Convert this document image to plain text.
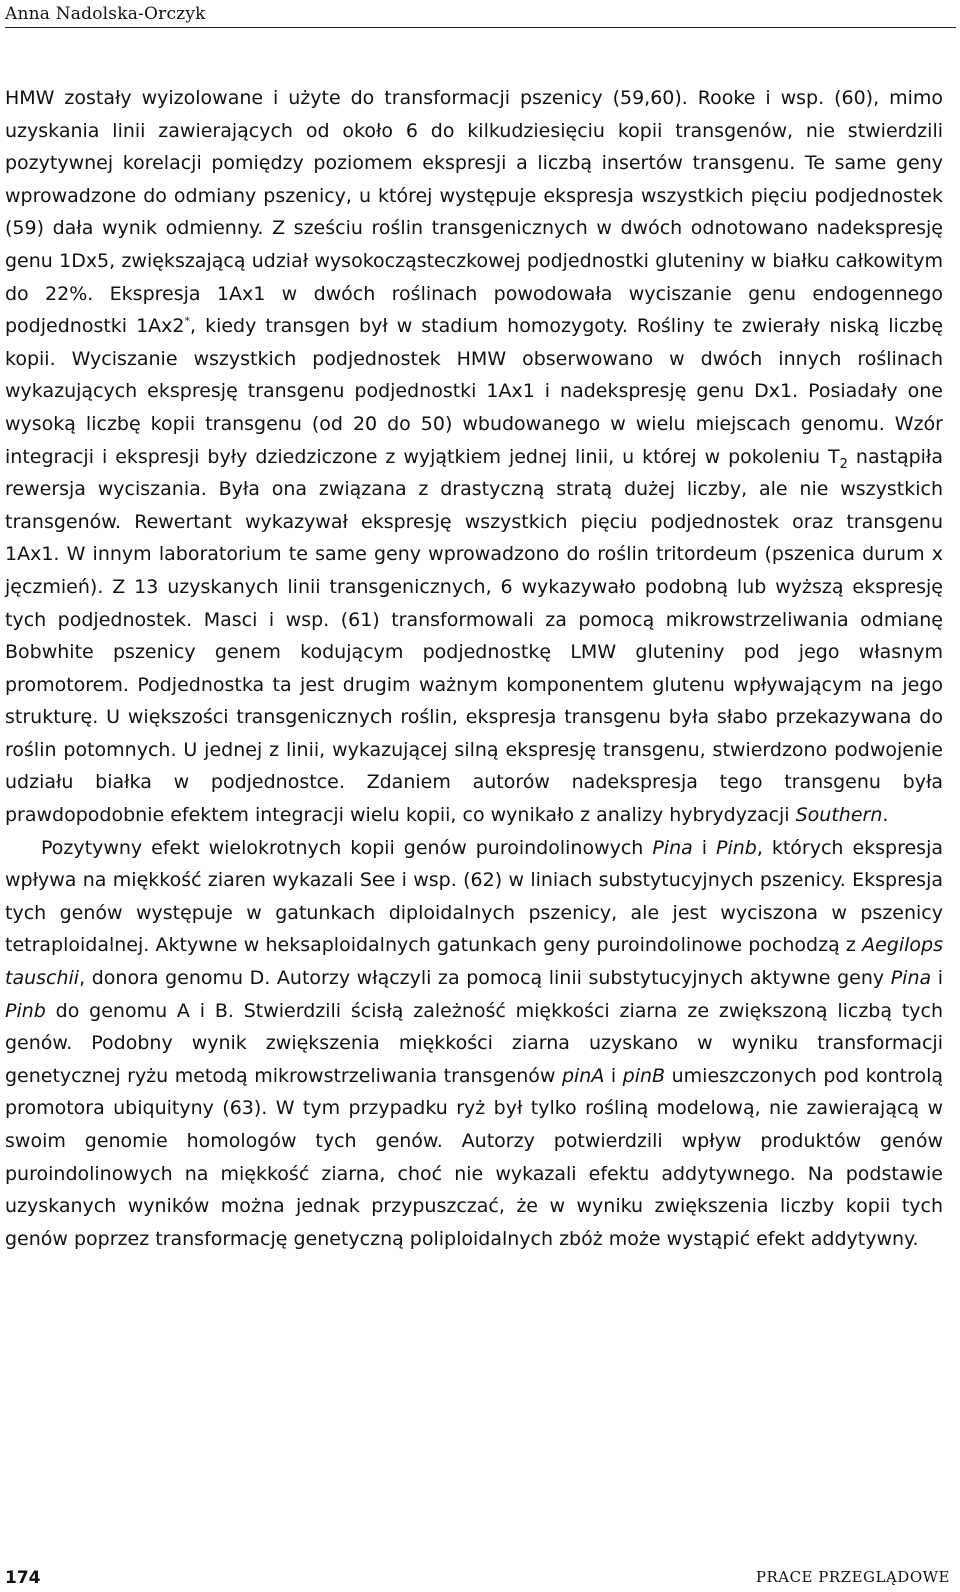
Anna Nadolska-Orczyk

HMW zostały wyizolowane i użyte do transformacji pszenicy (59,60). Rooke i wsp. (60), mimo uzyskania linii zawierających od około 6 do kilkudziesięciu kopii transgenów, nie stwierdzili pozytywnej korelacji pomiędzy poziomem ekspresji a liczbą insertów transgenu. Te same geny wprowadzone do odmiany pszenicy, u której występuje ekspresja wszystkich pięciu podjednostek (59) dała wynik odmienny. Z sześciu roślin transgenicznych w dwóch odnotowano nadekspresję genu 1Dx5, zwiększającą udział wysokocząsteczkowej podjednostki gluteniny w białku całkowitym do 22%. Ekspresja 1Ax1 w dwóch roślinach powodowała wyciszanie genu endogennego podjednostki 1Ax2*, kiedy transgen był w stadium homozygoty. Rośliny te zwierały niską liczbę kopii. Wyciszanie wszystkich podjednostek HMW obserwowano w dwóch innych roślinach wykazujących ekspresję transgenu podjednostki 1Ax1 i nadekspresję genu Dx1. Posiadały one wysoką liczbę kopii transgenu (od 20 do 50) wbudowanego w wielu miejscach genomu. Wzór integracji i ekspresji były dziedziczone z wyjątkiem jednej linii, u której w pokoleniu $T_2$ nastąpiła rewersja wyciszania. Była ona związana z drastyczną stratą dużej liczby, ale nie wszystkich transgenów. Rewertant wykazywał ekspresję wszystkich pięciu podjednostek oraz transgenu 1Ax1. W innym laboratorium te same geny wprowadzono do roślin tritordeum (pszenica durum x jęczmień). Z 13 uzyskanych linii transgenicznych, 6 wykazywało podobną lub wyższą ekspresję tych podjednostek. Masci i wsp. (61) transformowali za pomocą mikrowstrzeliwania odmianę Bobwhite pszenicy genem kodującym podjednostkę LMW gluteniny pod jego własnym promotorem. Podjednostka ta jest drugim ważnym komponentem glutenu wpływającym na jego strukturę. U większości transgenicznych roślin, ekspresja transgenu była słabo przekazywana do roślin potomnych. U jednej z linii, wykazującej silną ekspresję transgenu, stwierdzono podwojenie udziału białka w podjednostce. Zdaniem autorów nadekspresja tego transgenu była prawdopodobnie efektem integracji wielu kopii, co wynikało z analizy hybrydyzacji Southern.

Pozytywny efekt wielokrotnych kopii genów puroindolinowych Pina i Pinb, których ekspresja wpływa na miękkość ziaren wykazali See i wsp. (62) w liniach substytucyjnych pszenicy. Ekspresja tych genów występuje w gatunkach diploidalnych pszenicy, ale jest wyciszona w pszenicy tetraploidalnej. Aktywne w heksaploidalnych gatunkach geny puroindolinowe pochodzą z Aegilops tauschii, donora genomu D. Autorzy włączyli za pomocą linii substytucyjnych aktywne geny Pina i Pinb do genomu A i B. Stwierdzili ścisłą zależność miękkości ziarna ze zwiększoną liczbą tych genów. Podobny wynik zwiększenia miękkości ziarna uzyskano w wyniku transformacji genetycznej ryżu metodą mikrowstrzeliwania transgenów pinA i pinB umieszczonych pod kontrolą promotora ubiquityny (63). W tym przypadku ryż był tylko rośliną modelową, nie zawierającą w swoim genomie homologów tych genów. Autorzy potwierdzili wpływ produktów genów puroindolinowych na miękkość ziarna, choć nie wykazali efektu addytywnego. Na podstawie uzyskanych wyników można jednak przypuszczać, że w wyniku zwiększenia liczby kopii tych genów poprzez transformację genetyczną poliploidalnych zbóż może wystąpić efekt addytywny.

174	PRACE PRZEGLĄDOWE
